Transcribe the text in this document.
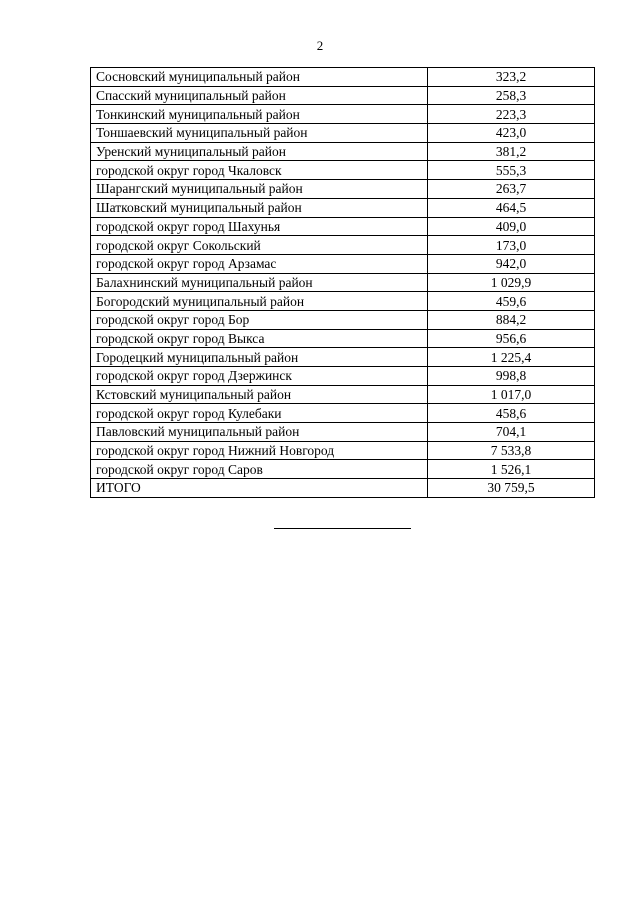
2
Сосновский муниципальный район	323,2
Спасский муниципальный район	258,3
Тонкинский муниципальный район	223,3
Тоншаевский муниципальный район	423,0
Уренский муниципальный район	381,2
городской округ город Чкаловск	555,3
Шарангский муниципальный район	263,7
Шатковский муниципальный район	464,5
городской округ город Шахунья	409,0
городской округ Сокольский	173,0
городской округ город Арзамас	942,0
Балахнинский муниципальный район	1 029,9
Богородский муниципальный район	459,6
городской округ город Бор	884,2
городской округ город Выкса	956,6
Городецкий муниципальный район	1 225,4
городской округ город Дзержинск	998,8
Кстовский муниципальный район	1 017,0
городской округ город Кулебаки	458,6
Павловский муниципальный район	704,1
городской округ город Нижний Новгород	7 533,8
городской округ город Саров	1 526,1
ИТОГО	30 759,5
